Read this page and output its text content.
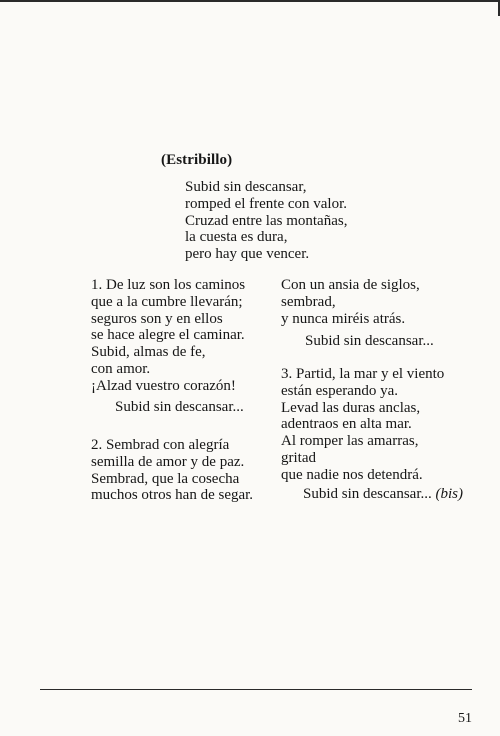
(Estribillo)
Subid sin descansar,
romped el frente con valor.
Cruzad entre las montañas,
la cuesta es dura,
pero hay que vencer.
1. De luz son los caminos
que a la cumbre llevarán;
seguros son y en ellos
se hace alegre el caminar.
Subid, almas de fe,
con amor.
¡Alzad vuestro corazón!
Subid sin descansar...
2. Sembrad con alegría
semilla de amor y de paz.
Sembrad, que la cosecha
muchos otros han de segar.
Con un ansia de siglos,
sembrad,
y nunca miréis atrás.
Subid sin descansar...
3. Partid, la mar y el viento
están esperando ya.
Levad las duras anclas,
adentraos en alta mar.
Al romper las amarras,
gritad
que nadie nos detendrá.
Subid sin descansar... (bis)
51
